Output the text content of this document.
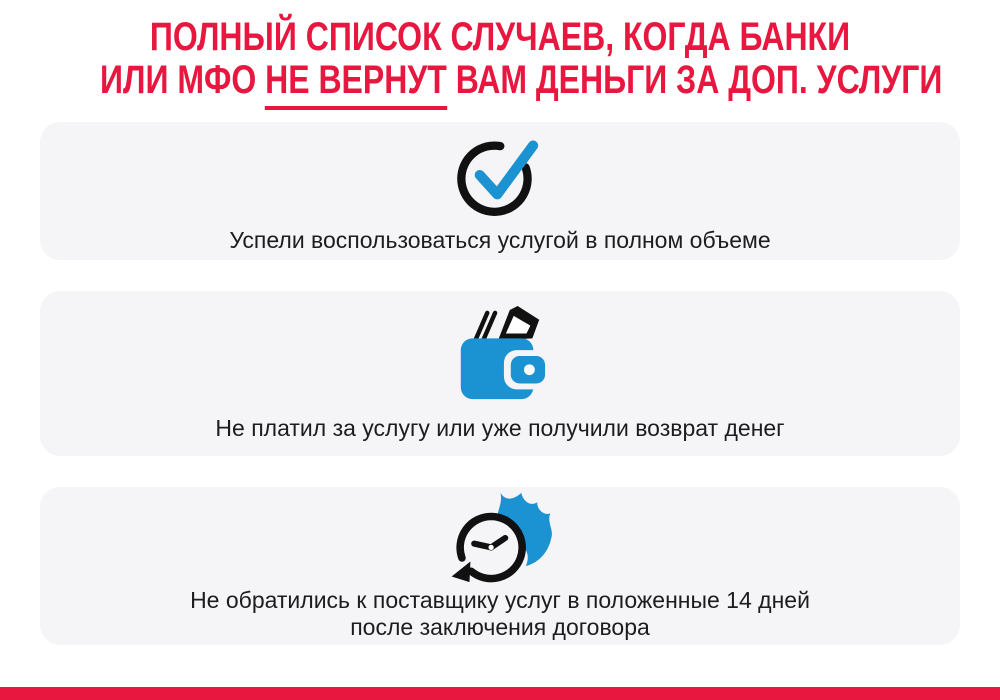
ПОЛНЫЙ СПИСОК СЛУЧАЕВ, КОГДА БАНКИ
ИЛИ МФО НЕ ВЕРНУТ ВАМ ДЕНЬГИ ЗА ДОП. УСЛУГИ

Успели воспользоваться услугой в полном объеме

Не платил за услугу или уже получили возврат денег

Не обратились к поставщику услуг в положенные 14 дней после заключения договора
